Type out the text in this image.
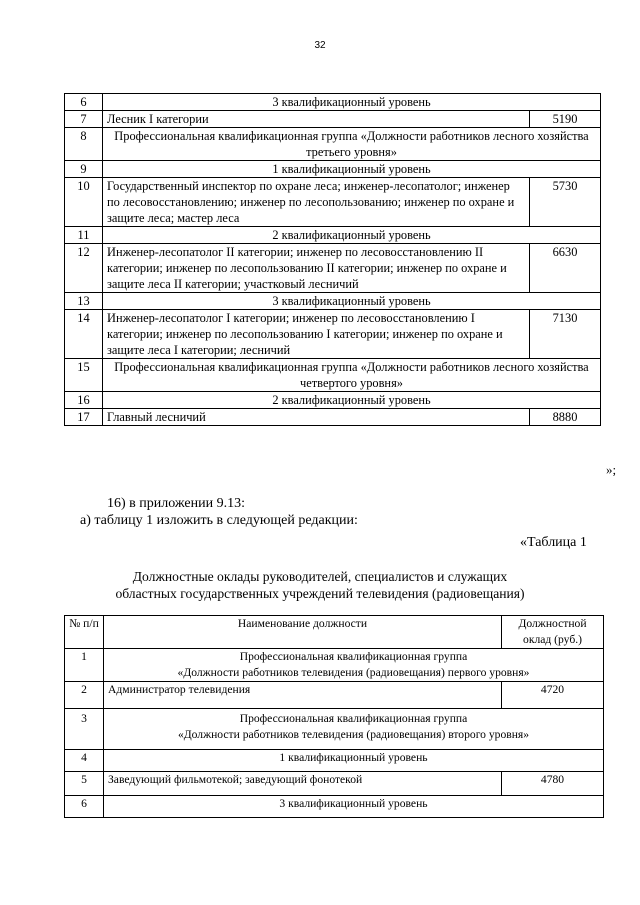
32
6	3 квалификационный уровень	
7	Лесник I категории	5190
8	Профессиональная квалификационная группа «Должности работников лесного хозяйства третьего уровня»	
9	1 квалификационный уровень	
10	Государственный инспектор по охране леса; инженер-лесопатолог; инженер по лесовосстановлению; инженер по лесопользованию; инженер по охране и защите леса; мастер леса	5730
11	2 квалификационный уровень	
12	Инженер-лесопатолог II категории; инженер по лесовосстановлению II категории; инженер по лесопользованию II категории; инженер по охране и защите леса II категории; участковый лесничий	6630
13	3 квалификационный уровень	
14	Инженер-лесопатолог I категории; инженер по лесовосстановлению I категории; инженер по лесопользованию I категории; инженер по охране и защите леса I категории; лесничий	7130
15	Профессиональная квалификационная группа «Должности работников лесного хозяйства четвертого уровня»	
16	2 квалификационный уровень	
17	Главный лесничий	8880
»;
16) в приложении 9.13:
а) таблицу 1 изложить в следующей редакции:
«Таблица 1
Должностные оклады руководителей, специалистов и служащих
областных государственных учреждений телевидения (радиовещания)
№ п/п	Наименование должности	Должностной оклад (руб.)
1	Профессиональная квалификационная группа
«Должности работников телевидения (радиовещания) первого уровня»	

2	Администратор телевидения	4720
3	Профессиональная квалификационная группа
«Должности работников телевидения (радиовещания) второго уровня»	

4	1 квалификационный уровень	
5	Заведующий фильмотекой; заведующий фонотекой	4780
6	3 квалификационный уровень	
